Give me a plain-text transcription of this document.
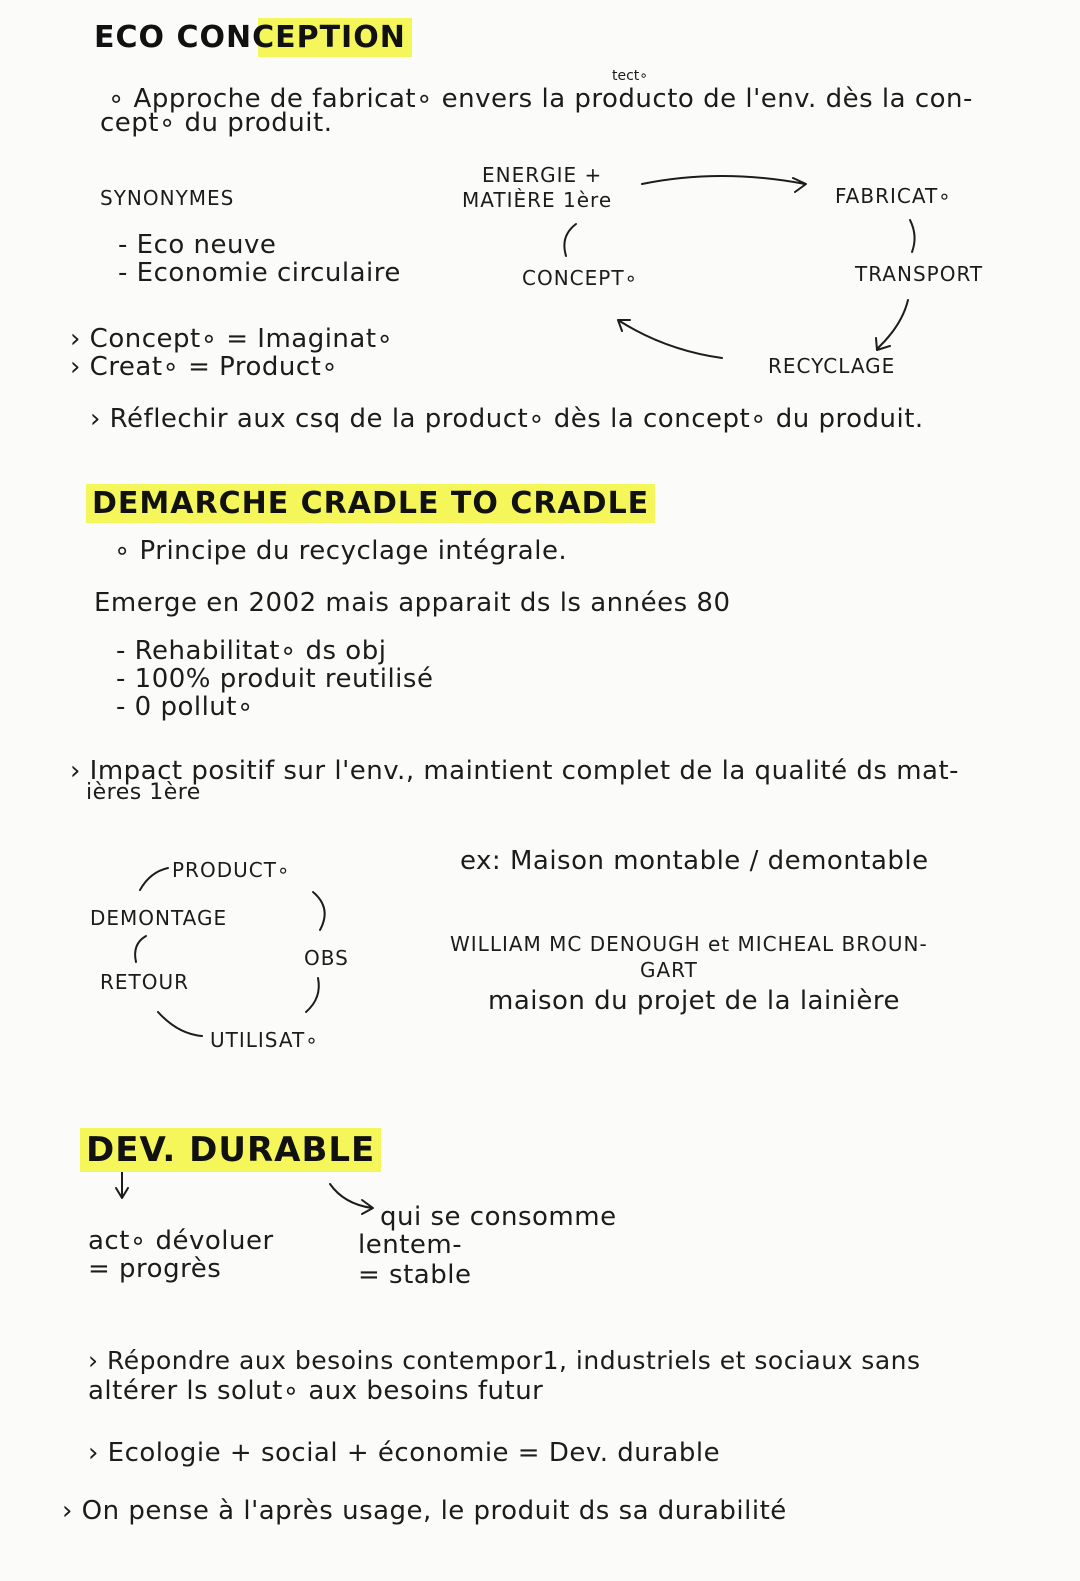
ECO CONCEPTION
tect∘
∘ Approche de fabricat∘ envers la producto de l'env. dès la con-
cept∘ du produit.
SYNONYMES
- Eco neuve
- Economie circulaire
ENERGIE +
MATIÈRE 1ère	FABRICAT∘
TRANSPORT
RECYCLAGE
CONCEPT∘
› Concept∘ = Imaginat∘
› Creat∘ = Product∘
› Réflechir aux csq de la product∘ dès la concept∘ du produit.
DEMARCHE CRADLE TO CRADLE
∘ Principe du recyclage intégrale.
Emerge en 2002 mais apparait ds ls années 80
- Rehabilitat∘ ds obj
- 100% produit reutilisé
- 0 pollut∘
› Impact positif sur l'env., maintient complet de la qualité ds mat-
ières 1ère
PRODUCT∘
DEMONTAGE
OBS
RETOUR
UTILISAT∘
ex: Maison montable / demontable
WILLIAM MC DENOUGH et MICHEAL BROUN-
GART
maison du projet de la lainière
DEV. DURABLE
act∘ dévoluer
= progrès
qui se consomme
lentem-
= stable
› Répondre aux besoins contempor1, industriels et sociaux sans
altérer ls solut∘ aux besoins futur
› Ecologie + social + économie = Dev. durable
› On pense à l'après usage, le produit ds sa durabilité
